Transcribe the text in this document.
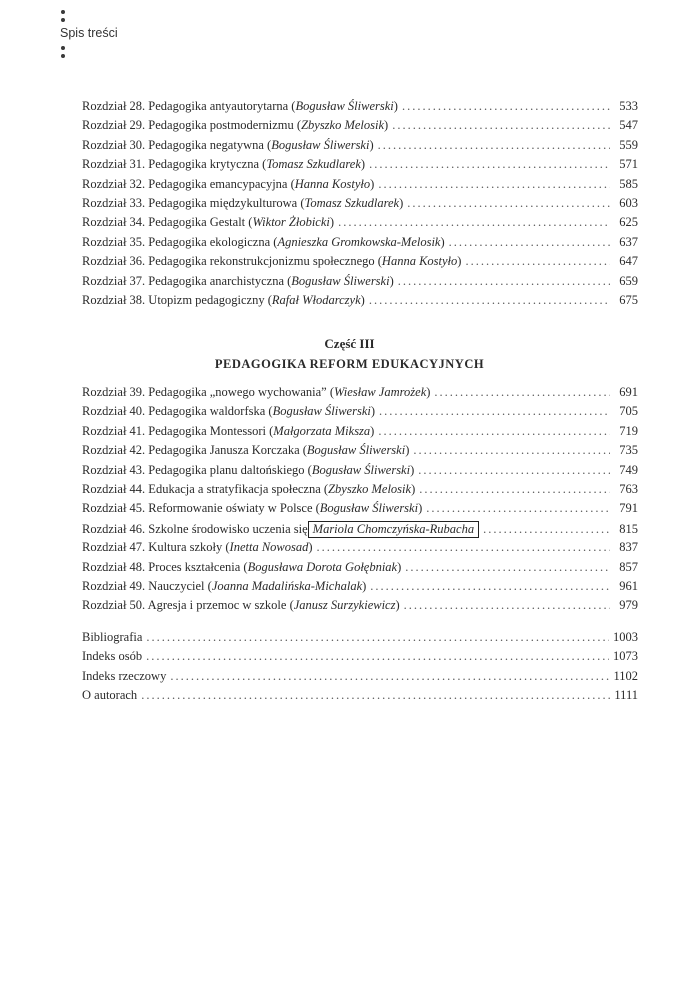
Spis treści
Rozdział 28. Pedagogika antyautorytarna ( Bogusław Śliwerski ) .....	533
Rozdział 29. Pedagogika postmodernizmu ( Zbyszko Melosik ) .....	547
Rozdział 30. Pedagogika negatywna ( Bogusław Śliwerski ) .....	559
Rozdział 31. Pedagogika krytyczna ( Tomasz Szkudlarek ) .....	571
Rozdział 32. Pedagogika emancypacyjna ( Hanna Kostyło ) .....	585
Rozdział 33. Pedagogika międzykulturowa ( Tomasz Szkudlarek ) .....	603
Rozdział 34. Pedagogika Gestalt ( Wiktor Żłobicki ) .....	625
Rozdział 35. Pedagogika ekologiczna ( Agnieszka Gromkowska-Melosik ) .....	637
Rozdział 36. Pedagogika rekonstrukcjonizmu społecznego ( Hanna Kostyło ) .....	647
Rozdział 37. Pedagogika anarchistyczna ( Bogusław Śliwerski ) .....	659
Rozdział 38. Utopizm pedagogiczny ( Rafał Włodarczyk ) .....	675
Część III
PEDAGOGIKA REFORM EDUKACYJNYCH
Rozdział 39. Pedagogika „nowego wychowania” ( Wiesław Jamrożek ) .....	691
Rozdział 40. Pedagogika waldorfska ( Bogusław Śliwerski ) .....	705
Rozdział 41. Pedagogika Montessori ( Małgorzata Miksza ) .....	719
Rozdział 42. Pedagogika Janusza Korczaka ( Bogusław Śliwerski ) .....	735
Rozdział 43. Pedagogika planu daltońskiego ( Bogusław Śliwerski ) .....	749
Rozdział 44. Edukacja a stratyfikacja społeczna ( Zbyszko Melosik ) .....	763
Rozdział 45. Reformowanie oświaty w Polsce ( Bogusław Śliwerski ) .....	791
Rozdział 46. Szkolne środowisko uczenia się Mariola Chomczyńska-Rubacha .....	815
Rozdział 47. Kultura szkoły ( Inetta Nowosad ) .....	837
Rozdział 48. Proces kształcenia ( Bogusława Dorota Gołębniak ) .....	857
Rozdział 49. Nauczyciel ( Joanna Madalińska-Michalak ) .....	961
Rozdział 50. Agresja i przemoc w szkole ( Janusz Surzykiewicz ) .....	979
Bibliografia .....	1003
Indeks osób .....	1073
Indeks rzeczowy .....	1102
O autorach .....	1111
